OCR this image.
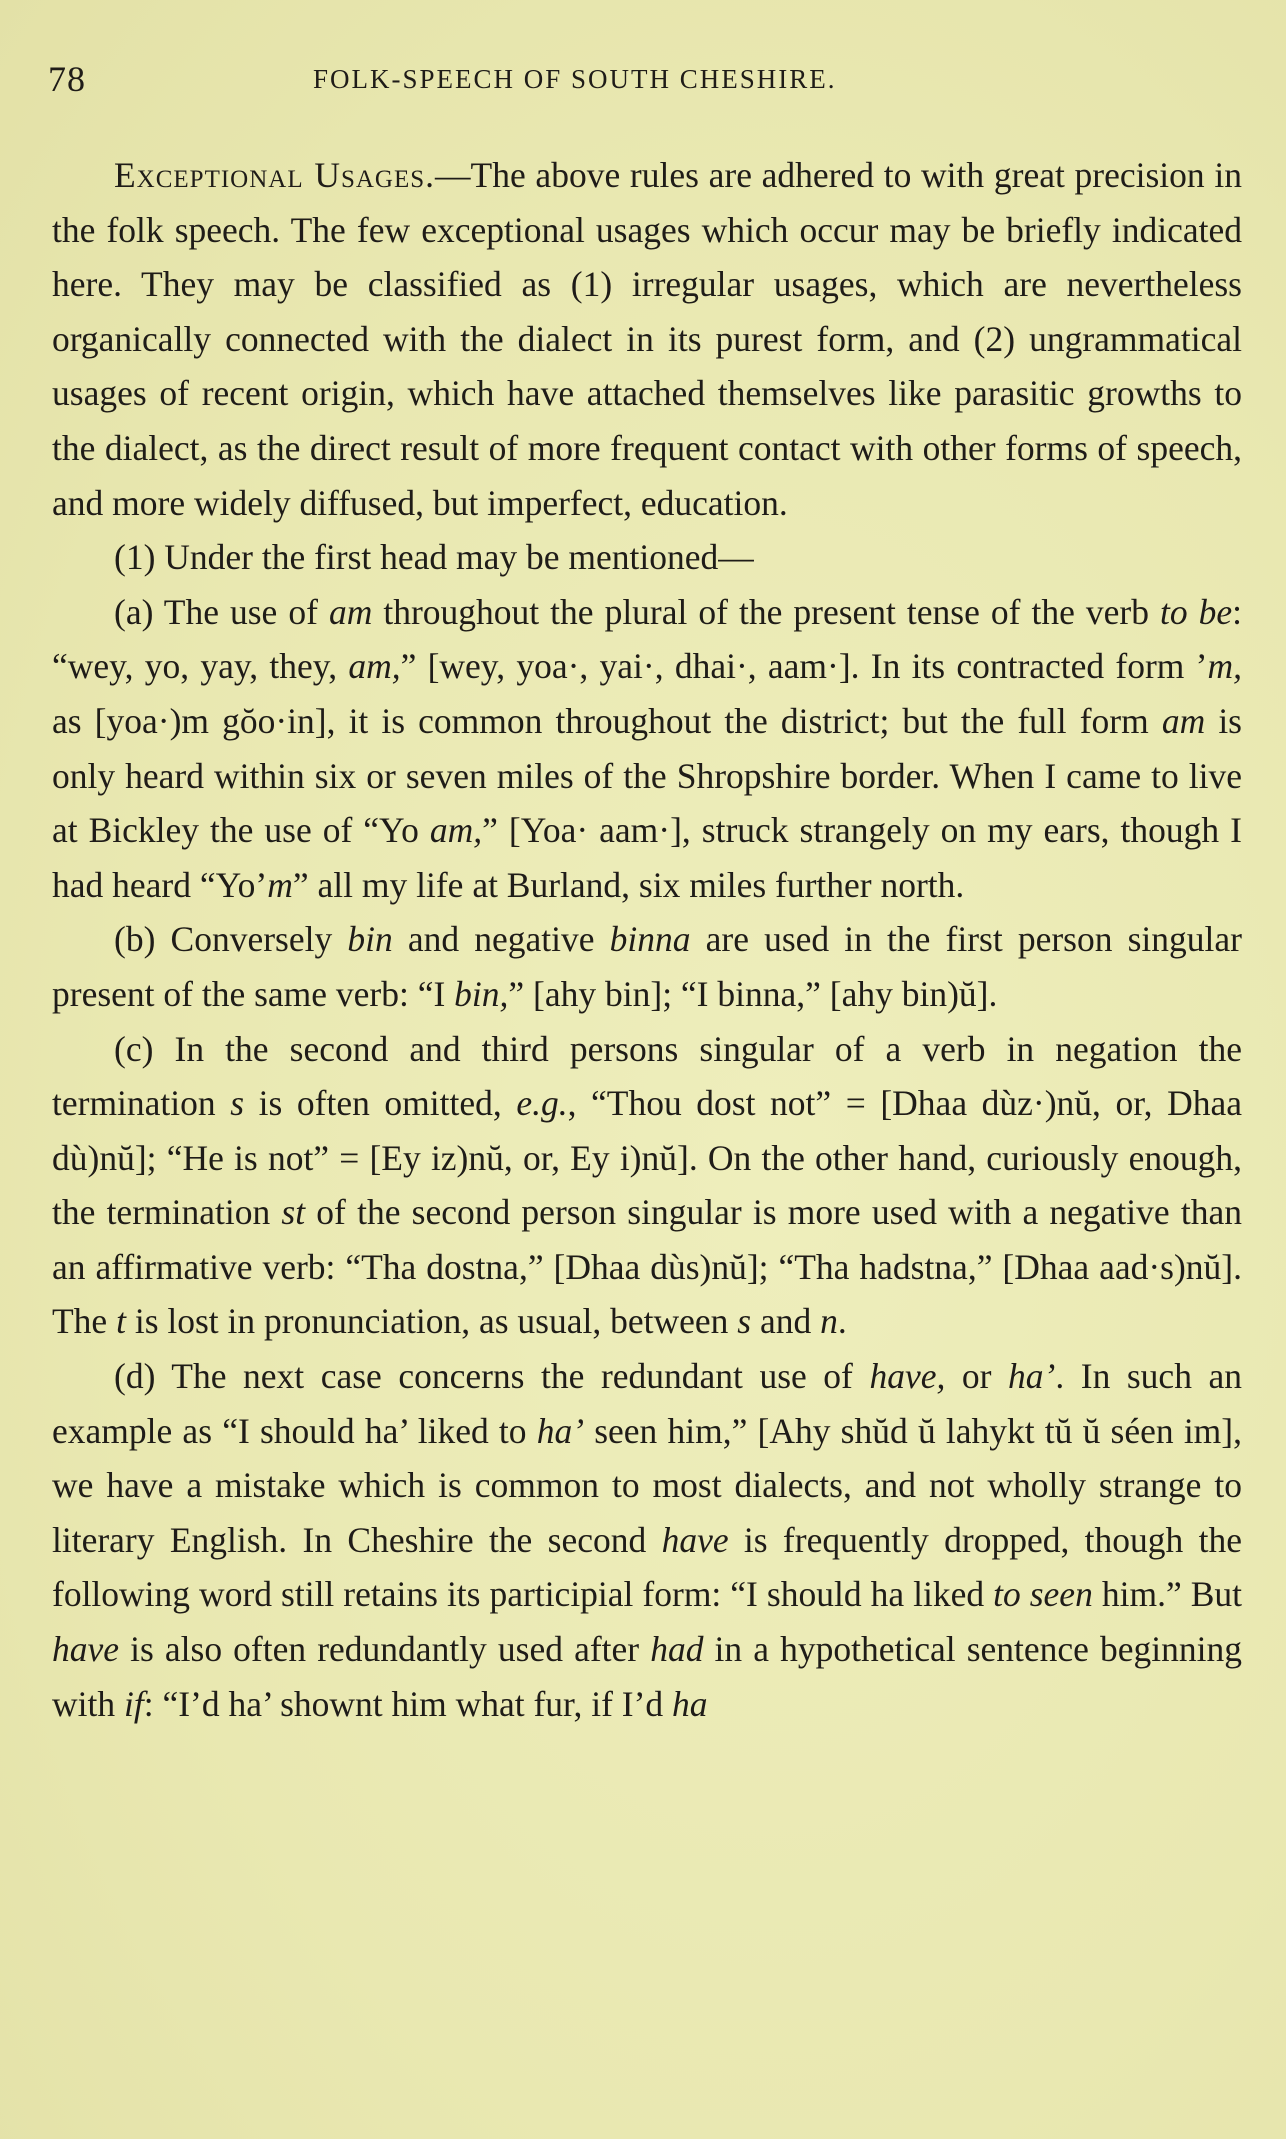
78	FOLK-SPEECH OF SOUTH CHESHIRE.

Exceptional Usages.—The above rules are adhered to with great precision in the folk speech. The few exceptional usages which occur may be briefly indicated here. They may be classified as (1) irregular usages, which are nevertheless organically connected with the dialect in its purest form, and (2) ungrammatical usages of recent origin, which have attached themselves like parasitic growths to the dialect, as the direct result of more frequent contact with other forms of speech, and more widely diffused, but imperfect, education.

(1) Under the first head may be mentioned—

(a) The use of am throughout the plural of the present tense of the verb to be: “wey, yo, yay, they, am,” [wey, yoa·, yai·, dhai·, aam·]. In its contracted form ’m, as [yoa·)m gŏo·in], it is common throughout the district; but the full form am is only heard within six or seven miles of the Shropshire border. When I came to live at Bickley the use of “Yo am,” [Yoa· aam·], struck strangely on my ears, though I had heard “Yo’m” all my life at Burland, six miles further north.

(b) Conversely bin and negative binna are used in the first person singular present of the same verb: “I bin,” [ahy bin]; “I binna,” [ahy bin)ŭ].

(c) In the second and third persons singular of a verb in negation the termination s is often omitted, e.g., “Thou dost not” = [Dhaa dùz·)nŭ, or, Dhaa dù)nŭ]; “He is not” = [Ey iz)nŭ, or, Ey i)nŭ]. On the other hand, curiously enough, the termination st of the second person singular is more used with a negative than an affirmative verb: “Tha dostna,” [Dhaa dùs)nŭ]; “Tha hadstna,” [Dhaa aad·s)nŭ]. The t is lost in pronunciation, as usual, between s and n.

(d) The next case concerns the redundant use of have, or ha’. In such an example as “I should ha’ liked to ha’ seen him,” [Ahy shŭd ŭ lahykt tŭ ŭ séen im], we have a mistake which is common to most dialects, and not wholly strange to literary English. In Cheshire the second have is frequently dropped, though the following word still retains its participial form: “I should ha liked to seen him.” But have is also often redundantly used after had in a hypothetical sentence beginning with if: “I’d ha’ shownt him what fur, if I’d ha
